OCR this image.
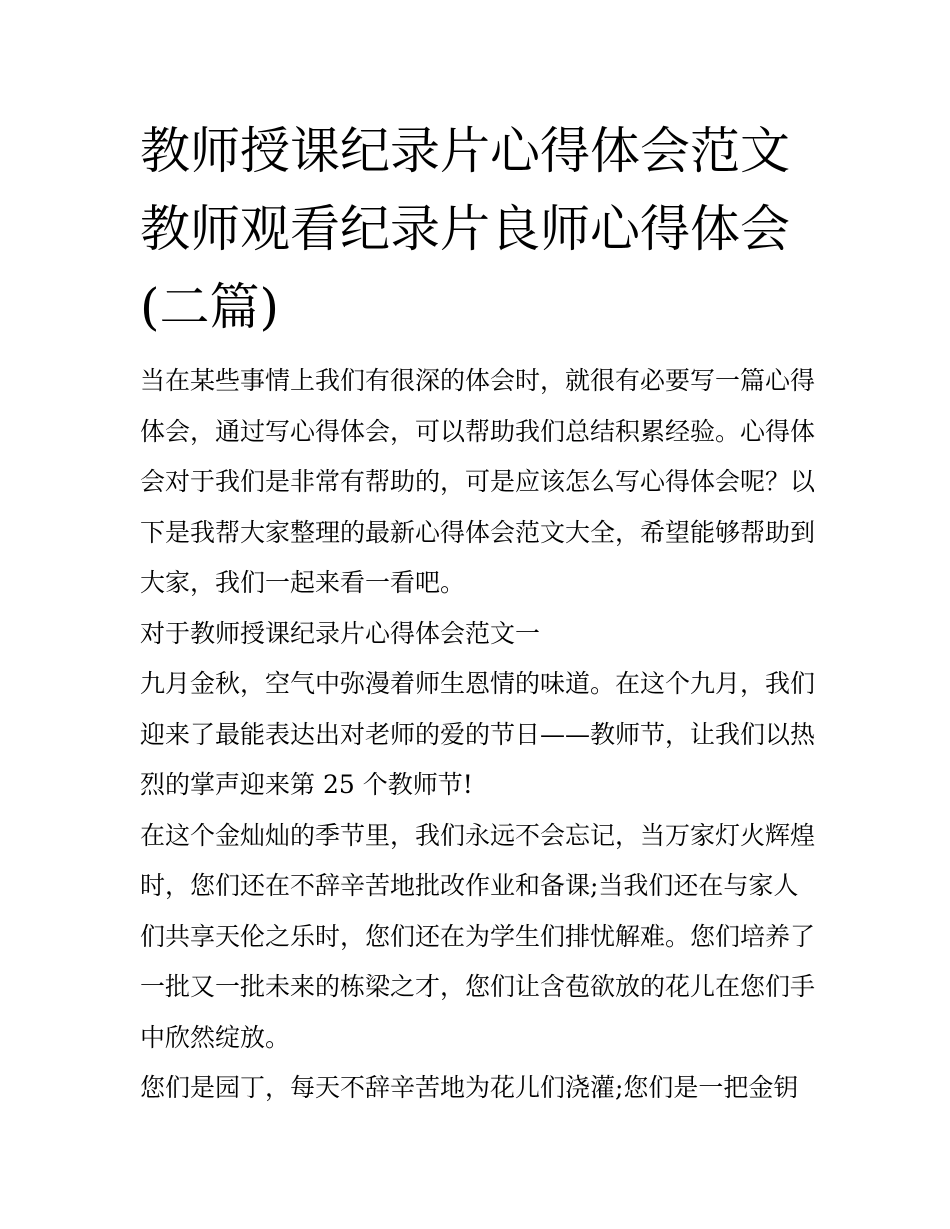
教师授课纪录片心得体会范文
教师观看纪录片良师心得体会
(二篇)
当在某些事情上我们有很深的体会时，就很有必要写一篇心得
体会，通过写心得体会，可以帮助我们总结积累经验。心得体
会对于我们是非常有帮助的，可是应该怎么写心得体会呢？以
下是我帮大家整理的最新心得体会范文大全，希望能够帮助到
大家，我们一起来看一看吧。
对于教师授课纪录片心得体会范文一
九月金秋，空气中弥漫着师生恩情的味道。在这个九月，我们
迎来了最能表达出对老师的爱的节日——教师节，让我们以热
烈的掌声迎来第 25 个教师节!
在这个金灿灿的季节里，我们永远不会忘记，当万家灯火辉煌
时，您们还在不辞辛苦地批改作业和备课;当我们还在与家人
们共享天伦之乐时，您们还在为学生们排忧解难。您们培养了
一批又一批未来的栋梁之才，您们让含苞欲放的花儿在您们手
中欣然绽放。
您们是园丁，每天不辞辛苦地为花儿们浇灌;您们是一把金钥
